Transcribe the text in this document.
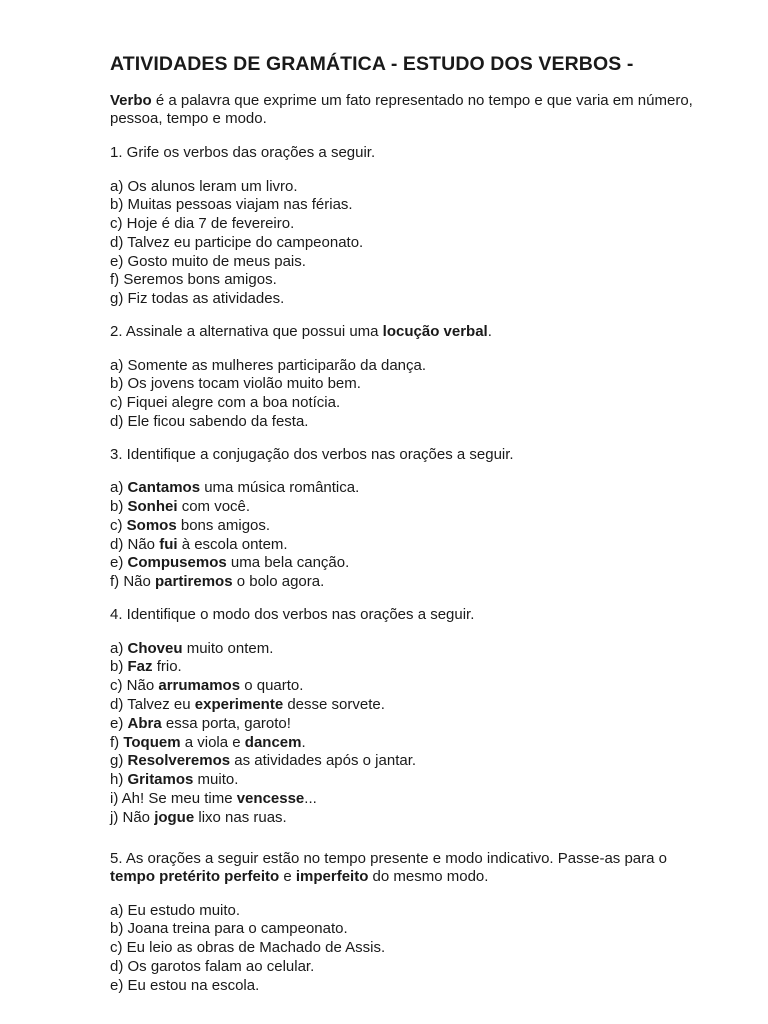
ATIVIDADES DE GRAMÁTICA - ESTUDO DOS VERBOS -

Verbo é a palavra que exprime um fato representado no tempo e que varia em número, pessoa, tempo e modo.

1. Grife os verbos das orações a seguir.

a) Os alunos leram um livro.
b) Muitas pessoas viajam nas férias.
c) Hoje é dia 7 de fevereiro.
d) Talvez eu participe do campeonato.
e) Gosto muito de meus pais.
f) Seremos bons amigos.
g) Fiz todas as atividades.

2. Assinale a alternativa que possui uma locução verbal.

a) Somente as mulheres participarão da dança.
b) Os jovens tocam violão muito bem.
c) Fiquei alegre com a boa notícia.
d) Ele ficou sabendo da festa.

3. Identifique a conjugação dos verbos nas orações a seguir.

a) Cantamos uma música romântica.
b) Sonhei com você.
c) Somos bons amigos.
d) Não fui à escola ontem.
e) Compusemos uma bela canção.
f) Não partiremos o bolo agora.

4. Identifique o modo dos verbos nas orações a seguir.

a) Choveu muito ontem.
b) Faz frio.
c) Não arrumamos o quarto.
d) Talvez eu experimente desse sorvete.
e) Abra essa porta, garoto!
f) Toquem a viola e dancem.
g) Resolveremos as atividades após o jantar.
h) Gritamos muito.
i) Ah! Se meu time vencesse...
j) Não jogue lixo nas ruas.

5. As orações a seguir estão no tempo presente e modo indicativo. Passe-as para o tempo pretérito perfeito e imperfeito do mesmo modo.

a) Eu estudo muito.
b) Joana treina para o campeonato.
c) Eu leio as obras de Machado de Assis.
d) Os garotos falam ao celular.
e) Eu estou na escola.
